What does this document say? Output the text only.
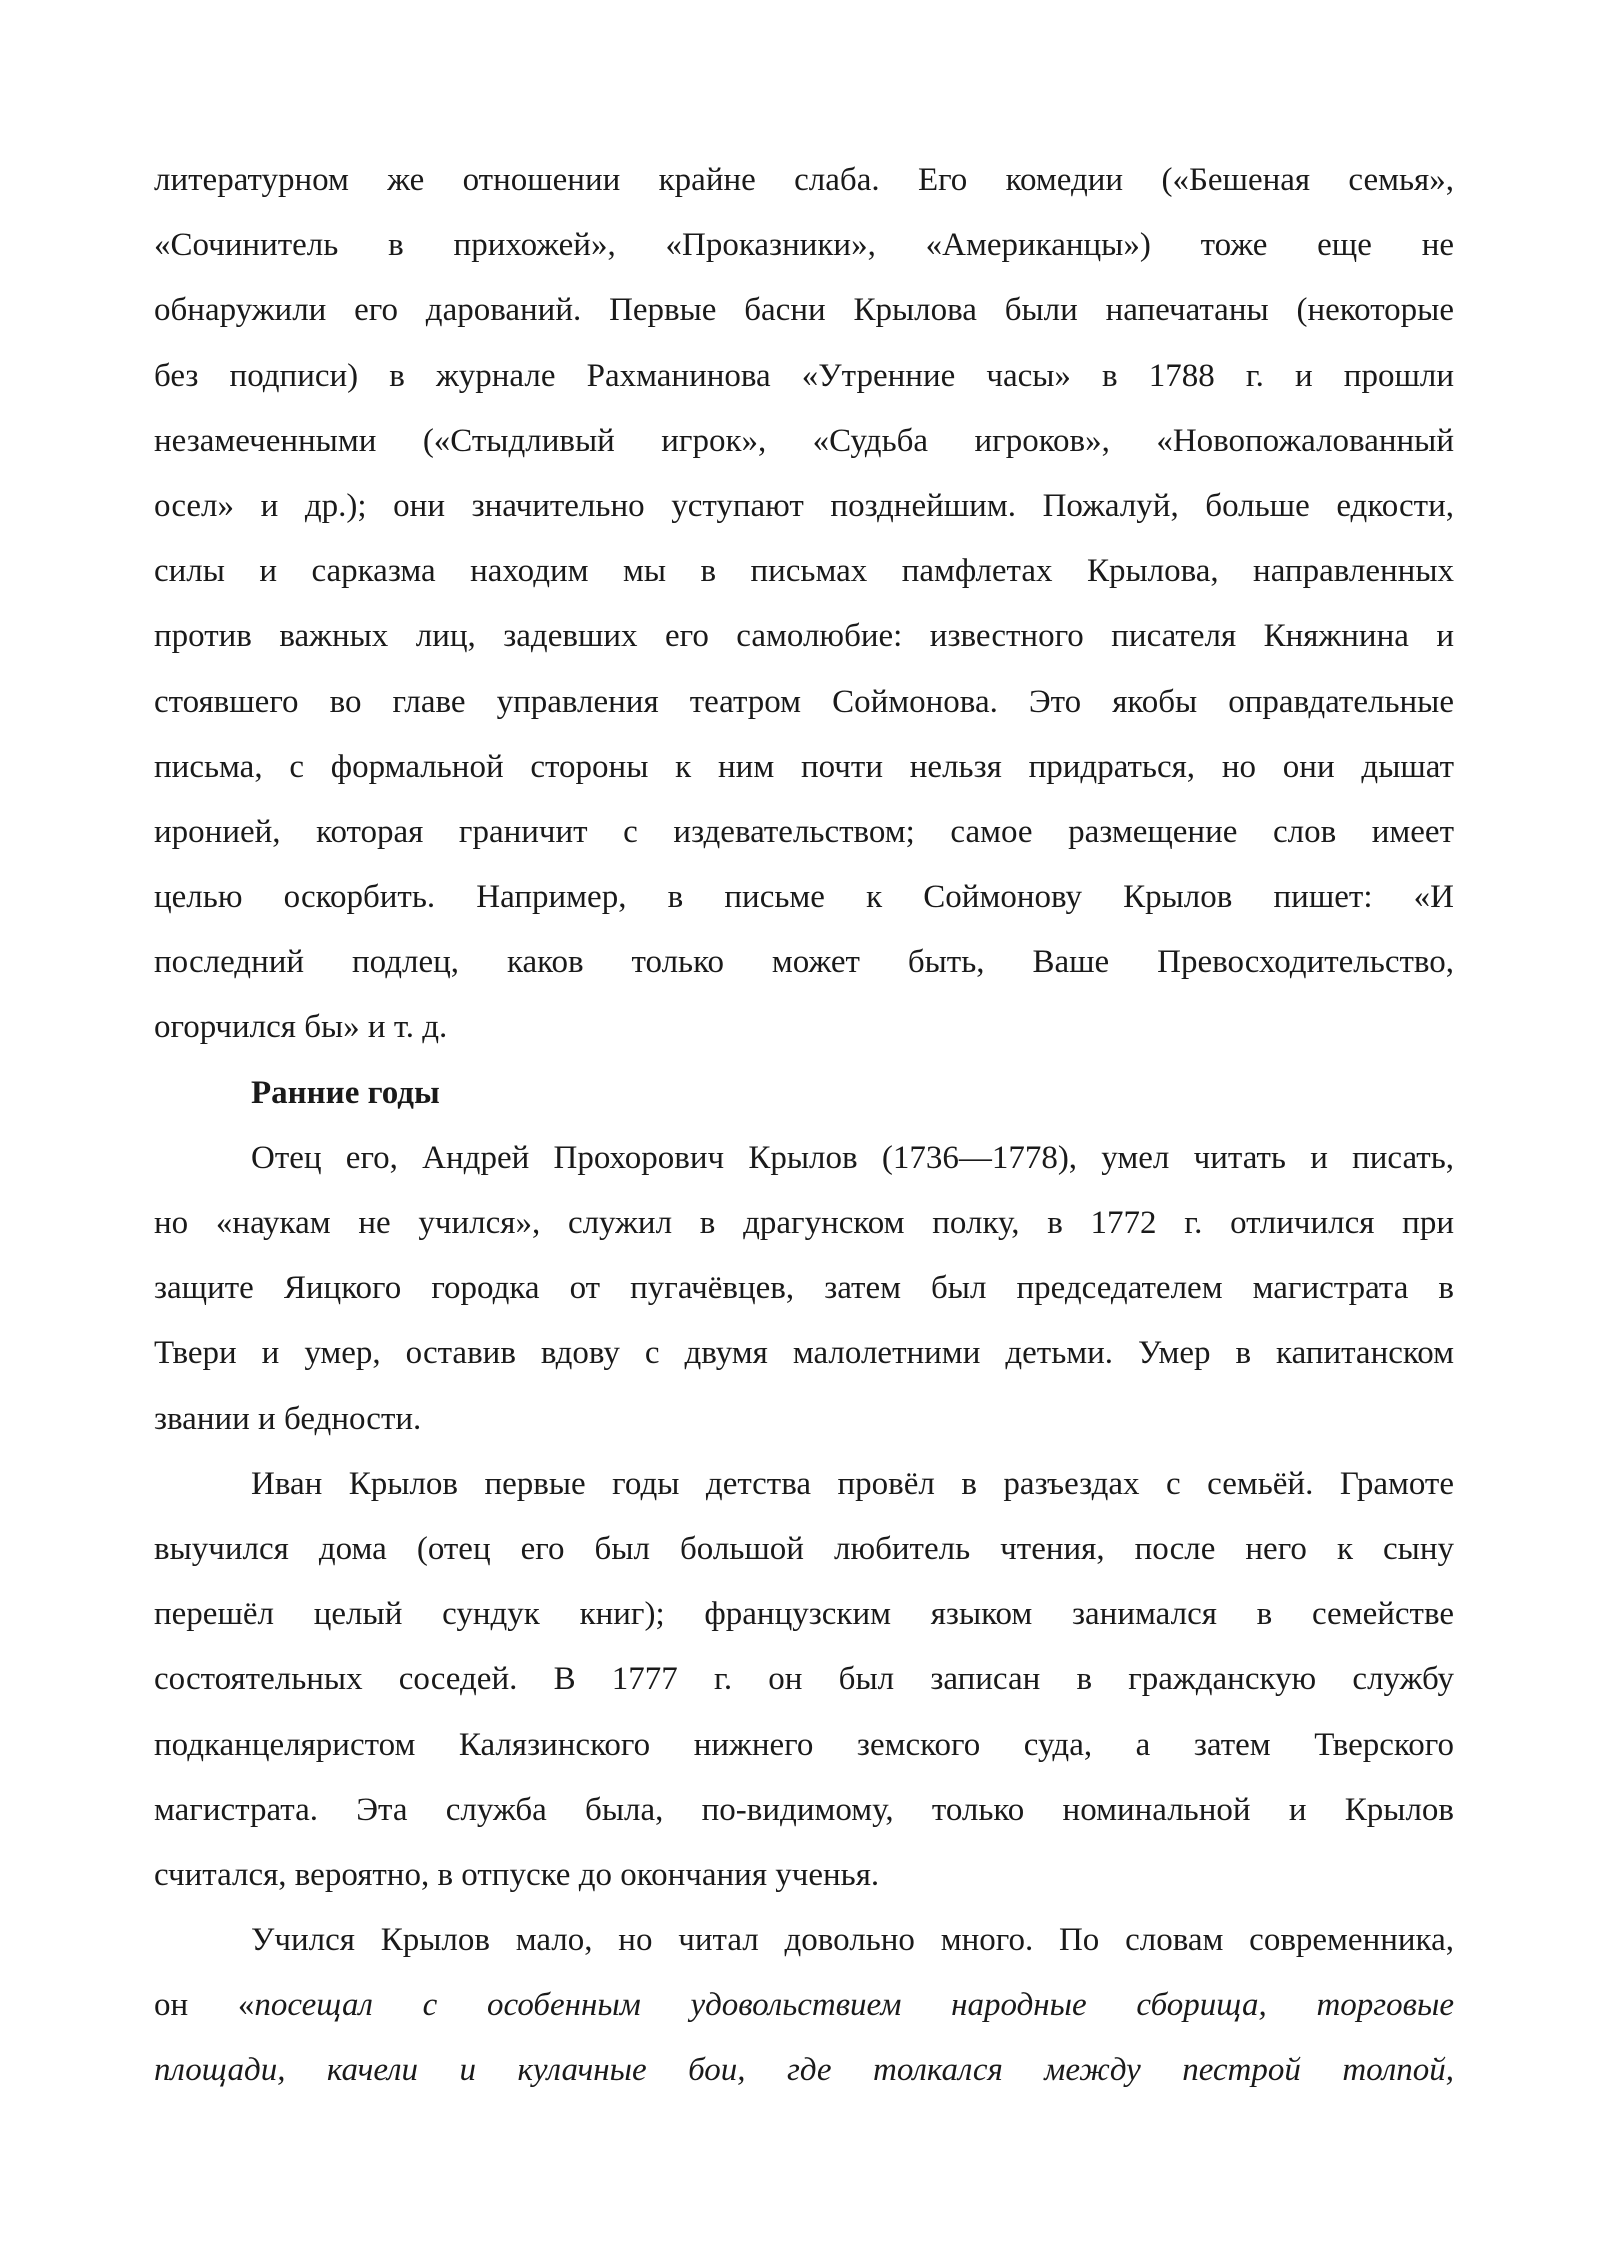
литературном же отношении крайне слаба. Его комедии («Бешеная семья»,
«Сочинитель в прихожей», «Проказники», «Американцы») тоже еще не
обнаружили его дарований. Первые басни Крылова были напечатаны (некоторые
без подписи) в журнале Рахманинова «Утренние часы» в 1788 г. и прошли
незамеченными («Стыдливый игрок», «Судьба игроков», «Новопожалованный
осел» и др.); они значительно уступают позднейшим. Пожалуй, больше едкости,
силы и сарказма находим мы в письмах памфлетах Крылова, направленных
против важных лиц, задевших его самолюбие: известного писателя Княжнина и
стоявшего во главе управления театром Соймонова. Это якобы оправдательные
письма, с формальной стороны к ним почти нельзя придраться, но они дышат
иронией, которая граничит с издевательством; самое размещение слов имеет
целью оскорбить. Например, в письме к Соймонову Крылов пишет: «И
последний подлец, каков только может быть, Ваше Превосходительство,
огорчился бы» и т. д.
Ранние годы
Отец его, Андрей Прохорович Крылов (1736—1778), умел читать и писать,
но «наукам не учился», служил в драгунском полку, в 1772 г. отличился при
защите Яицкого городка от пугачёвцев, затем был председателем магистрата в
Твери и умер, оставив вдову с двумя малолетними детьми. Умер в капитанском
звании и бедности.
Иван Крылов первые годы детства провёл в разъездах с семьёй. Грамоте
выучился дома (отец его был большой любитель чтения, после него к сыну
перешёл целый сундук книг); французским языком занимался в семействе
состоятельных соседей. В 1777 г. он был записан в гражданскую службу
подканцеляристом Калязинского нижнего земского суда, а затем Тверского
магистрата. Эта служба была, по-видимому, только номинальной и Крылов
считался, вероятно, в отпуске до окончания ученья.
Учился Крылов мало, но читал довольно много. По словам современника,
он «посещал с особенным удовольствием народные сборища, торговые
площади, качели и кулачные бои, где толкался между пестрой толпой,
